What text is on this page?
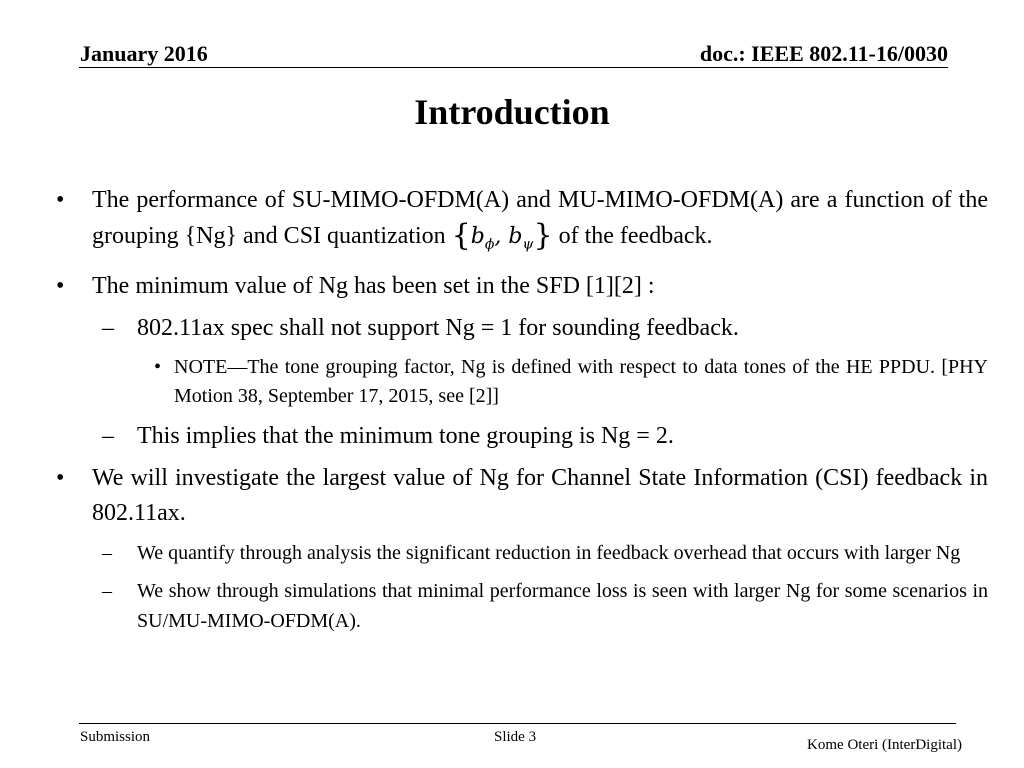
January 2016	doc.: IEEE 802.11-16/0030
Introduction
• The performance of SU-MIMO-OFDM(A) and MU-MIMO-OFDM(A) are a function of the grouping {Ng} and CSI quantization {$b_\phi$, $b_\psi$} of the feedback.
• The minimum value of Ng has been set in the SFD [1][2] :
– 802.11ax spec shall not support Ng = 1 for sounding feedback.
• NOTE—The tone grouping factor, Ng is defined with respect to data tones of the HE PPDU. [PHY Motion 38, September 17, 2015, see [2]]
– This implies that the minimum tone grouping is Ng = 2.
• We will investigate the largest value of Ng for Channel State Information (CSI) feedback in 802.11ax.
– We quantify through analysis the significant reduction in feedback overhead that occurs with larger Ng
– We show through simulations that minimal performance loss is seen with larger Ng for some scenarios in SU/MU-MIMO-OFDM(A).
Submission	Slide 3	Kome Oteri (InterDigital)
